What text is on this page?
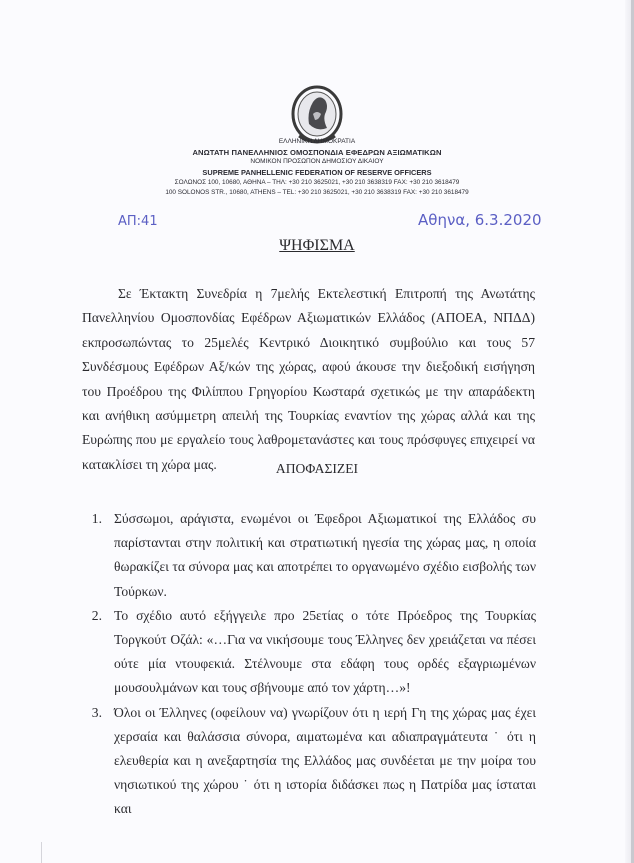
ΕΛΛΗΝΙΚΗ ΔΗΜΟΚΡΑΤΙΑ
ΑΝΩΤΑΤΗ ΠΑΝΕΛΛΗΝΙΟΣ ΟΜΟΣΠΟΝΔΙΑ ΕΦΕΔΡΩΝ ΑΞΙΩΜΑΤΙΚΩΝ
ΝΟΜΙΚΟΝ ΠΡΟΣΩΠΟΝ ΔΗΜΟΣΙΟΥ ΔΙΚΑΙΟΥ
SUPREME PANHELLENIC FEDERATION OF RESERVE OFFICERS
ΣΟΛΩΝΟΣ 100, 10680, ΑΘΗΝΑ – ΤΗΛ: +30 210 3625021, +30 210 3638319 FAX: +30 210 3618479
100 SOLONOS STR., 10680, ATHENS – TEL: +30 210 3625021, +30 210 3638319 FAX: +30 210 3618479
ΑΠ:41	Αθηνα, 6.3.2020
ΨΗΦΙΣΜΑ

Σε Έκτακτη Συνεδρία η 7μελής Εκτελεστική Επιτροπή της Ανωτάτης Πανελληνίου Ομοσπονδίας Εφέδρων Αξιωματικών Ελλάδος (ΑΠΟΕΑ, ΝΠΔΔ) εκπροσωπώντας το 25μελές Κεντρικό Διοικητικό συμβούλιο και τους 57 Συνδέσμους Εφέδρων Αξ/κών της χώρας, αφού άκουσε την διεξοδική εισήγηση του Προέδρου της Φιλίππου Γρηγορίου Κωσταρά σχετικώς με την απαράδεκτη και ανήθικη ασύμμετρη απειλή της Τουρκίας εναντίον της χώρας αλλά και της Ευρώπης που με εργαλείο τους λαθρομετανάστες και τους πρόσφυγες επιχειρεί να κατακλίσει τη χώρα μας.	ΑΠΟΦΑΣΙΖΕΙ
1. Σύσσωμοι, αράγιστα, ενωμένοι οι Έφεδροι Αξιωματικοί της Ελλάδος συ παρίστανται στην πολιτική και στρατιωτική ηγεσία της χώρας μας, η οποία θωρακίζει τα σύνορα μας και αποτρέπει το οργανωμένο σχέδιο εισβολής των Τούρκων.
2. Το σχέδιο αυτό εξήγγειλε προ 25ετίας ο τότε Πρόεδρος της Τουρκίας Τοργκούτ Οζάλ: «…Για να νικήσουμε τους Έλληνες δεν χρειάζεται να πέσει ούτε μία ντουφεκιά. Στέλνουμε στα εδάφη τους ορδές εξαγριωμένων μουσουλμάνων και τους σβήνουμε από τον χάρτη…»!
3. Όλοι οι Έλληνες (οφείλουν να) γνωρίζουν ότι η ιερή Γη της χώρας μας έχει χερσαία και θαλάσσια σύνορα, αιματωμένα και αδιαπραγμάτευτα ˙ ότι η ελευθερία και η ανεξαρτησία της Ελλάδος μας συνδέεται με την μοίρα του νησιωτικού της χώρου ˙ ότι η ιστορία διδάσκει πως η Πατρίδα μας ίσταται και
